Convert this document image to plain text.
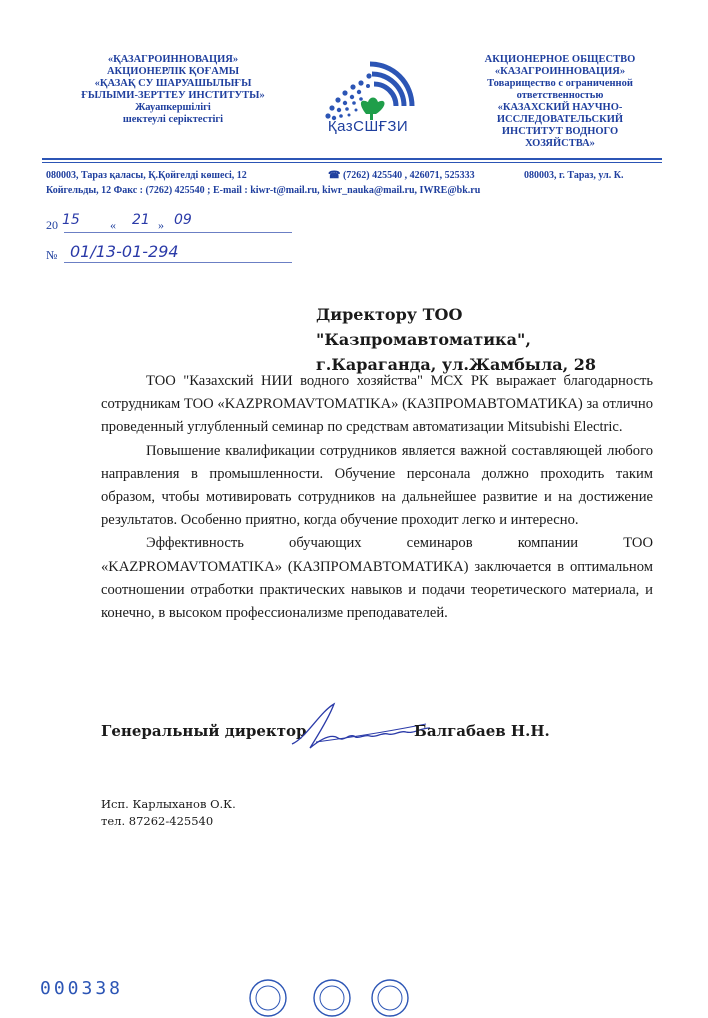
«ҚАЗАГРОИННОВАЦИЯ»
АКЦИОНЕРЛІК ҚОҒАМЫ
«ҚАЗАҚ СУ ШАРУАШЫЛЫҒЫ
ҒЫЛЫМИ-ЗЕРТТЕУ ИНСТИТУТЫ»
Жауапкершілігі
шектеулі серіктестігі	ҚазСШҒЗИ
АКЦИОНЕРНОЕ ОБЩЕСТВО
«КАЗАГРОИННОВАЦИЯ»
Товарищество с ограниченной
ответственностью
«КАЗАХСКИЙ НАУЧНО-
ИССЛЕДОВАТЕЛЬСКИЙ
ИНСТИТУТ ВОДНОГО
ХОЗЯЙСТВА»
080003, Тараз қаласы, Қ.Қойгелді көшесі, 12	☎ (7262) 425540 , 426071, 525333	080003, г. Тараз, ул. К.
Койгельды, 12 Факс : (7262) 425540 ; E-mail : kiwr-t@mail.ru, kiwr_nauka@mail.ru, IWRE@bk.ru
20 15	« 21 » 09
№ 01/13-01-294
Директору ТОО "Казпромавтоматика",
г.Караганда, ул.Жамбыла, 28

ТОО "Казахский НИИ водного хозяйства" МСХ РК выражает благодарность сотрудникам ТОО «KAZPROMAVTOMATIKA» (КАЗПРОМАВТОМАТИКА) за отлично проведенный углубленный семинар по средствам автоматизации Mitsubishi Electric.

Повышение квалификации сотрудников является важной составляющей любого направления в промышленности. Обучение персонала должно проходить таким образом, чтобы мотивировать сотрудников на дальнейшее развитие и на достижение результатов. Особенно приятно, когда обучение проходит легко и интересно.

Эффективность обучающих семинаров компании ТОО «KAZPROMAVTOMATIKA» (КАЗПРОМАВТОМАТИКА) заключается в оптимальном соотношении отработки практических навыков и подачи теоретического материала, и конечно, в высоком профессионализме преподавателей.

Генеральный директор	Балгабаев Н.Н.
Исп. Карлыханов О.К.
тел. 87262-425540
000338
